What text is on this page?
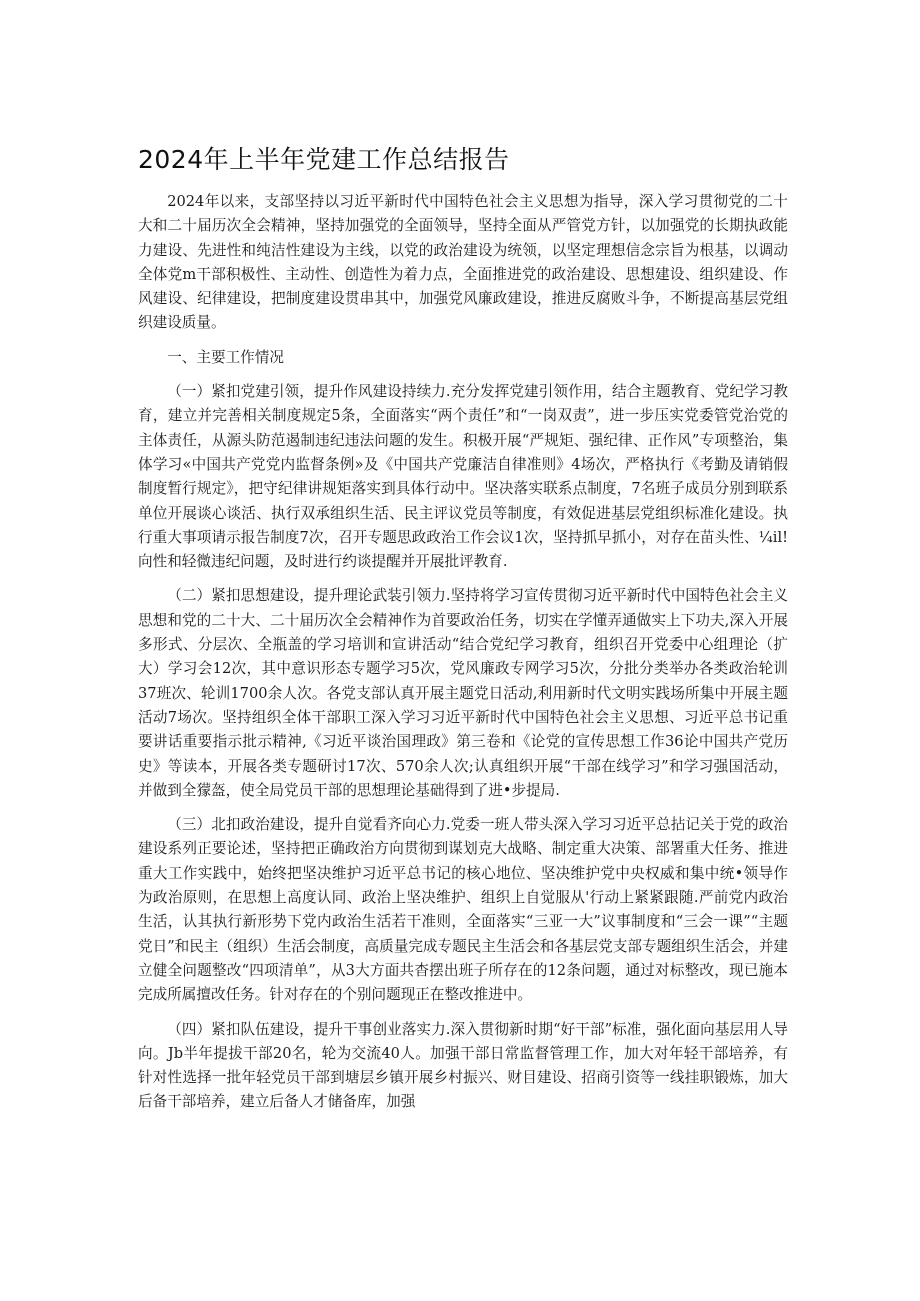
2024年上半年党建工作总结报告

2024年以来，支部坚持以习近平新时代中国特色社会主义思想为指导，深入学习贯彻党的二十大和二十届历次全会精神，坚持加强党的全面领导，坚持全面从严管党方针，以加强党的长期执政能力建设、先进性和纯洁性建设为主线，以党的政治建设为统领，以坚定理想信念宗旨为根基，以调动全体党m干部积极性、主动性、创造性为着力点，全面推进党的政治建设、思想建设、组织建设、作风建设、纪律建设，把制度建设贯串其中，加强党风廉政建设，推进反腐败斗争，不断提高基层党组织建设质量。

一、主要工作情况

（一）紧扣党建引领，提升作风建设持续力.充分发挥党建引领作用，结合主题教育、党纪学习教育，建立并完善相关制度规定5条，全面落实“两个责任”和“一岗双责”，进一步压实党委管党治党的主体责任，从源头防范遏制违纪违法问题的发生。积极开展“严规矩、强纪律、正作风”专项整治，集体学习«中国共产党党内监督条例»及《中国共产党廉洁自律准则》4场次，严格执行《考勤及请销假制度暂行规定》，把守纪律讲规矩落实到具体行动中。坚决落实联系点制度，7名班子成员分别到联系单位开展谈心谈活、执行双承组织生活、民主评议党员等制度，有效促进基层党组织标准化建设。执行重大事项请示报告制度7次，召开专题思政政治工作会议1次，坚持抓早抓小，对存在苗头性、¼il!向性和轻微违纪问题，及时进行约谈提醒并开展批评教育.

（二）紧扣思想建设，提升理论武装引领力.坚持将学习宣传贯彻习近平新时代中国特色社会主义思想和党的二十大、二十届历次全会精神作为首要政治任务，切实在学懂弄通做实上下功夫,深入开展多形式、分层次、全瓶盖的学习培训和宣讲活动“结合党纪学习教育，组织召开党委中心组理论（扩大）学习会12次，其中意识形态专题学习5次，党风廉政专网学习5次，分批分类举办各类政治轮训37班次、轮训1700余人次。各党支部认真开展主题党日活动,利用新时代文明实践场所集中开展主题活动7场次。坚持组织全体干部职工深入学习习近平新时代中国特色社会主义思想、习近平总书记重要讲话重要指示批示精神,《习近平谈治国理政》第三卷和《论党的宣传思想工作36论中国共产党历史》等读本，开展各类专题研讨17次、570余人次;认真组织开展“干部在线学习”和学习强国活动，并做到全獴盔，使全局党员干部的思想理论基础得到了进•步提局.

（三）北扣政治建设，提升自觉看齐向心力.党委一班人带头深入学习习近平总拈记关于党的政治建设系列正要论述，坚持把正确政治方向贯彻到谋划克大战略、制定重大决策、部署重大任务、推进重大工作实践中，始终把坚决维护习近平总书记的核心地位、坚决维护党中央权威和集中统•领导作为政治原则，在思想上高度认同、政治上坚决维护、组织上自觉服从'行动上紧紧跟随.严前党内政治生活，认其执行新形势下党内政治生活若干准则，全面落实“三亚一大”议事制度和“三会一课”“主题党日”和民主（组织）生活会制度，高质量完成专题民主生活会和各基层党支部专题组织生活会，并建立健全问题整改“四项清单”，从3大方面共杳摆出班子所存在的12条问题，通过对标整改，现已施本完成所属擅改任务。针对存在的个别问题现正在整改推进中。

（四）紧扣队伍建设，提升干事创业落实力.深入贯彻新时期“好干部”标准，强化面向基层用人导向。Jb半年提拔干部20名，轮为交流40人。加强干部日常监督管理工作，加大对年轻干部培养，有针对性选择一批年轻党员干部到塘层乡镇开展乡村振兴、财目建设、招商引资等一线挂职锻炼，加大后备干部培养，建立后备人才储备库，加强
